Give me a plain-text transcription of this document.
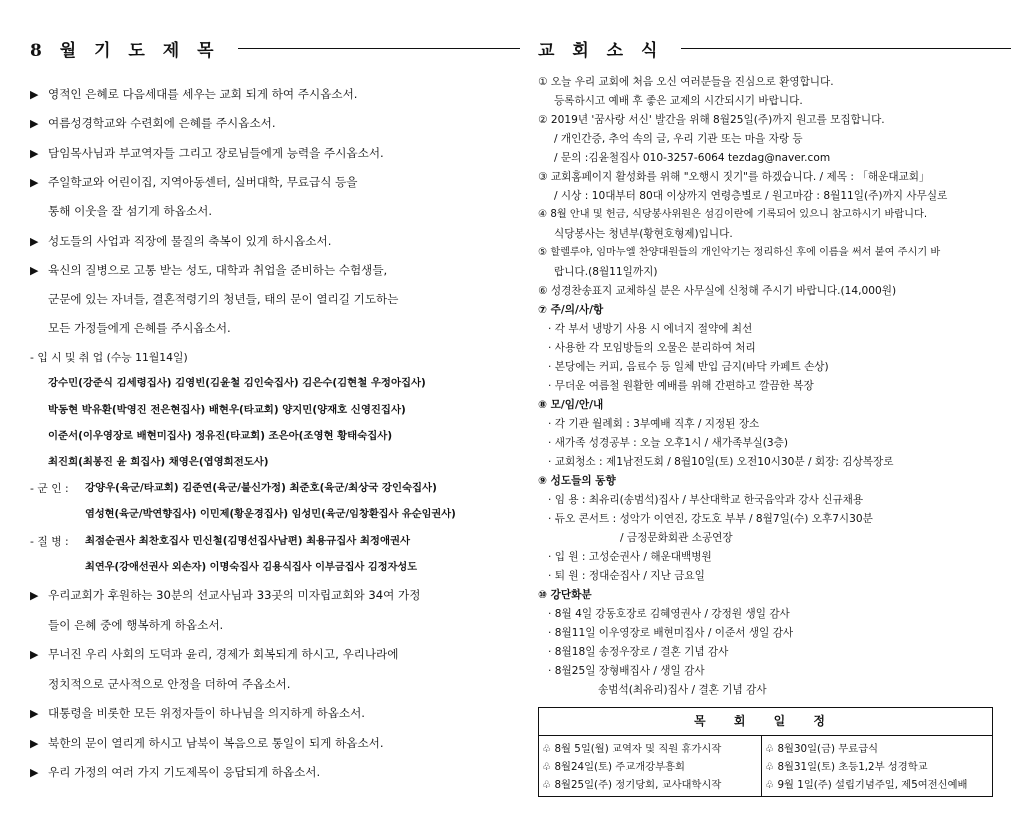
8 월 기 도 제 목
▶ 영적인 은혜로 다음세대를 세우는 교회 되게 하여 주시옵소서.
▶ 여름성경학교와 수련회에 은혜를 주시옵소서.
▶ 담임목사님과 부교역자들 그리고 장로님들에게 능력을 주시옵소서.
▶ 주일학교와 어린이집, 지역아동센터, 실버대학, 무료급식 등을
통해 이웃을 잘 섬기게 하옵소서.
▶ 성도들의 사업과 직장에 물질의 축복이 있게 하시옵소서.
▶ 육신의 질병으로 고통 받는 성도, 대학과 취업을 준비하는 수험생들,
군문에 있는 자녀들, 결혼적령기의 청년들, 태의 문이 열리길 기도하는
모든 가정들에게 은혜를 주시옵소서.
- 입 시 및 취 업 (수능 11월14일)
강수민(강준식 김세령집사) 김영빈(김윤철 김인숙집사) 김은수(김현철 우정아집사)
박동현 박유환(박영진 전은현집사) 배현우(타교회) 양지민(양재호 신영진집사)
이준서(이우영장로 배현미집사) 정유진(타교회) 조은아(조영현 황태숙집사)
최진희(최봉진 윤 희집사) 채영은(엽영희전도사)
- 군 인 : 강양우(육군/타교회) 김준연(육군/불신가정) 최준호(육군/최상국 강인숙집사)
염성현(육군/박연향집사) 이민제(황운경집사) 임성민(육군/임창환집사 유순임권사)
- 질 병 : 최점순권사 최찬호집사 민신철(김명선집사남편) 최용규집사 최정애권사
최연우(강애선권사 외손자) 이명숙집사 김용식집사 이부금집사 김정자성도
▶ 우리교회가 후원하는 30분의 선교사님과 33곳의 미자립교회와 34여 가정
들이 은혜 중에 행복하게 하옵소서.
▶ 무너진 우리 사회의 도덕과 윤리, 경제가 회복되게 하시고, 우리나라에
정치적으로 군사적으로 안정을 더하여 주옵소서.
▶ 대통령을 비롯한 모든 위정자들이 하나님을 의지하게 하옵소서.
▶ 북한의 문이 열리게 하시고 남북이 복음으로 통일이 되게 하옵소서.
▶ 우리 가정의 여러 가지 기도제목이 응답되게 하옵소서.
교 회 소 식
① 오늘 우리 교회에 처음 오신 여러분들을 진심으로 환영합니다.
등록하시고 예배 후 좋은 교제의 시간되시기 바랍니다.
② 2019년 '꿈사랑 서신' 발간을 위해 8월25일(주)까지 원고를 모집합니다.
/ 개인간증, 추억 속의 글, 우리 기관 또는 마을 자랑 등
/ 문의 :김윤철집사 010-3257-6064 tezdag@naver.com
③ 교회홈페이지 활성화를 위해 "오행시 짓기"를 하겠습니다. / 제목 : 「해운대교회」
/ 시상 : 10대부터 80대 이상까지 연령층별로 / 원고마감 : 8월11일(주)까지 사무실로
④ 8월 안내 및 헌금, 식당봉사위원은 섬김이란에 기록되어 있으니 참고하시기 바랍니다.
식당봉사는 청년부(황현호형제)입니다.
⑤ 할렐루야, 임마누엘 찬양대원들의 개인악기는 정리하신 후에 이름을 써서 붙여 주시기 바
랍니다.(8월11일까지)
⑥ 성경찬송표지 교체하실 분은 사무실에 신청해 주시기 바랍니다.(14,000원)
⑦ 주/의/사/항
· 각 부서 냉방기 사용 시 에너지 절약에 최선
· 사용한 각 모임방들의 오물은 분리하여 처리
· 본당에는 커피, 음료수 등 일체 반입 금지(바닥 카페트 손상)
· 무더운 여름철 원활한 예배를 위해 간편하고 깔끔한 복장
⑧ 모/임/안/내
· 각 기관 월례회 : 3부예배 직후 / 지정된 장소
· 새가족 성경공부 : 오늘 오후1시 / 새가족부실(3층)
· 교회청소 : 제1남전도회 / 8월10일(토) 오전10시30분 / 회장: 김상복장로
⑨ 성도들의 동향
· 임 용 : 최유리(송범석)집사 / 부산대학교 한국음악과 강사 신규채용
· 듀오 콘서트 : 성악가 이연진, 강도호 부부 / 8월7일(수) 오후7시30분
/ 금정문화회관 소공연장
· 입 원 : 고성순권사 / 해운대백병원
· 퇴 원 : 정대순집사 / 지난 금요일
⑩ 강단화분
· 8월 4일 강동호장로 김혜영권사 / 강정원 생일 감사
· 8월11일 이우영장로 배현미집사 / 이준서 생일 감사
· 8월18일 송정우장로 / 결혼 기념 감사
· 8월25일 장형배집사 / 생일 감사
송범석(최유리)집사 / 결혼 기념 감사
목 회 일 정
♧ 8월 5일(월) 교역자 및 직원 휴가시작
♧ 8월24일(토) 주교개강부흥회
♧ 8월25일(주) 정기당회, 교사대학시작
♧ 8월30일(금) 무료급식
♧ 8월31일(토) 초등1,2부 성경학교
♧ 9월 1일(주) 설립기념주일, 제5여전신예배
